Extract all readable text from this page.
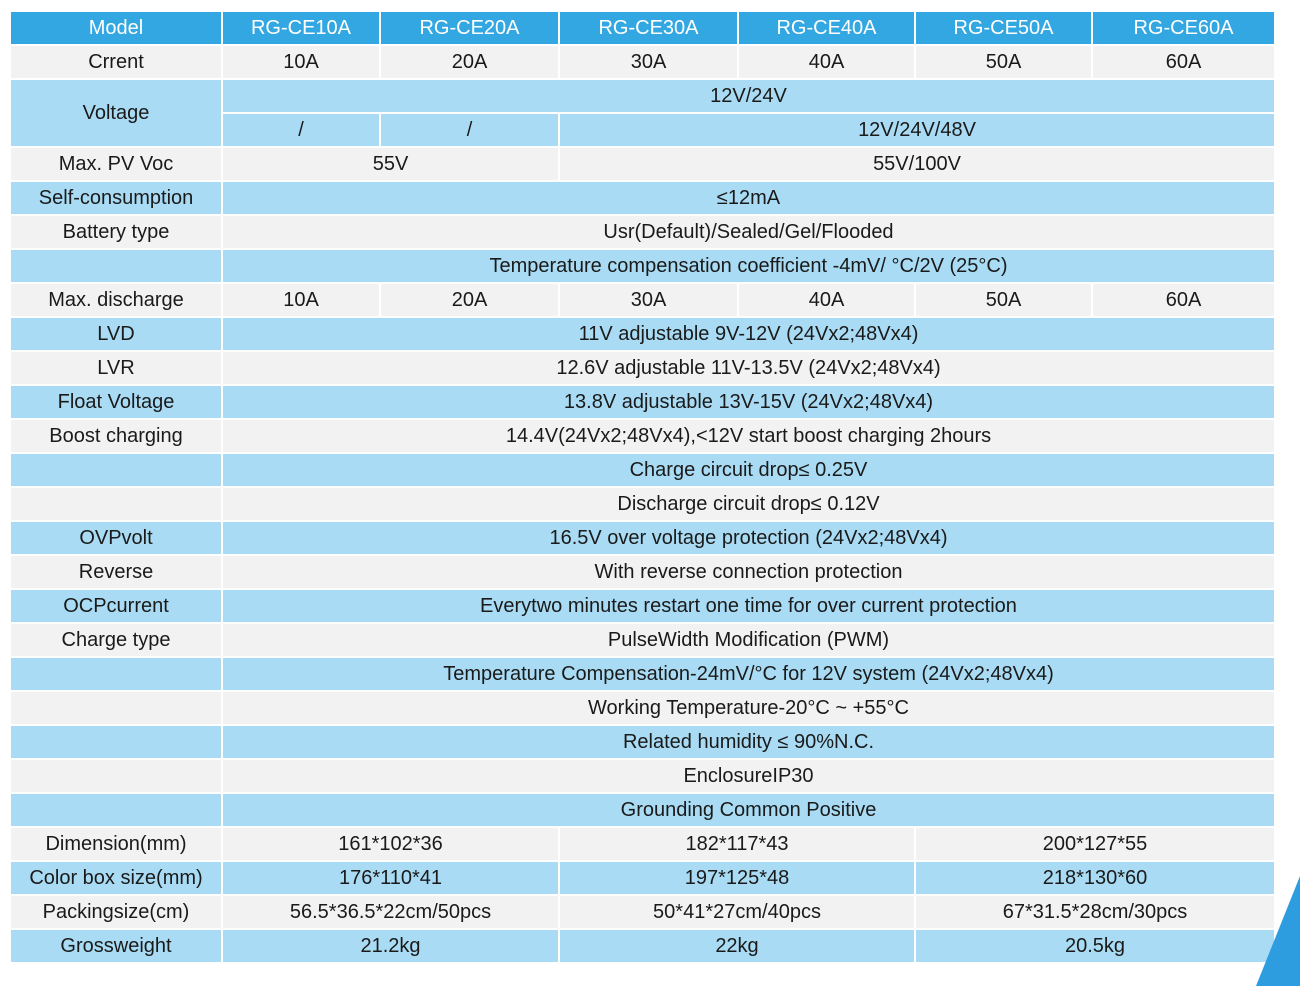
Model	RG-CE10A	RG-CE20A	RG-CE30A	RG-CE40A	RG-CE50A	RG-CE60A
Crrent	10A	20A	30A	40A	50A	60A
Voltage	12V/24V					
	/	/	12V/24V/48V			
Max. PV Voc	55V		55V/100V			
Self-consumption	≤12mA					
Battery type	Usr(Default)/Sealed/Gel/Flooded					
	Temperature compensation coefficient -4mV/ °C/2V (25°C)					
Max. discharge	10A	20A	30A	40A	50A	60A
LVD	11V adjustable 9V-12V (24Vx2;48Vx4)					
LVR	12.6V adjustable 11V-13.5V (24Vx2;48Vx4)					
Float Voltage	13.8V adjustable 13V-15V (24Vx2;48Vx4)					
Boost charging	14.4V(24Vx2;48Vx4),<12V start boost charging 2hours					
	Charge circuit drop≤ 0.25V					
	Discharge circuit drop≤ 0.12V					
OVPvolt	16.5V over voltage protection (24Vx2;48Vx4)					
Reverse	With reverse connection protection					
OCPcurrent	Everytwo minutes restart one time for over current protection					
Charge type	PulseWidth Modification (PWM)					
	Temperature Compensation-24mV/°C for 12V system (24Vx2;48Vx4)					
	Working Temperature-20°C ~ +55°C					
	Related humidity ≤ 90%N.C.					
	EnclosureIP30					
	Grounding Common Positive					
Dimension(mm)	161*102*36		182*117*43		200*127*55	
Color box size(mm)	176*110*41		197*125*48		218*130*60	
Packingsize(cm)	56.5*36.5*22cm/50pcs		50*41*27cm/40pcs		67*31.5*28cm/30pcs	
Grossweight	21.2kg		22kg		20.5kg	
